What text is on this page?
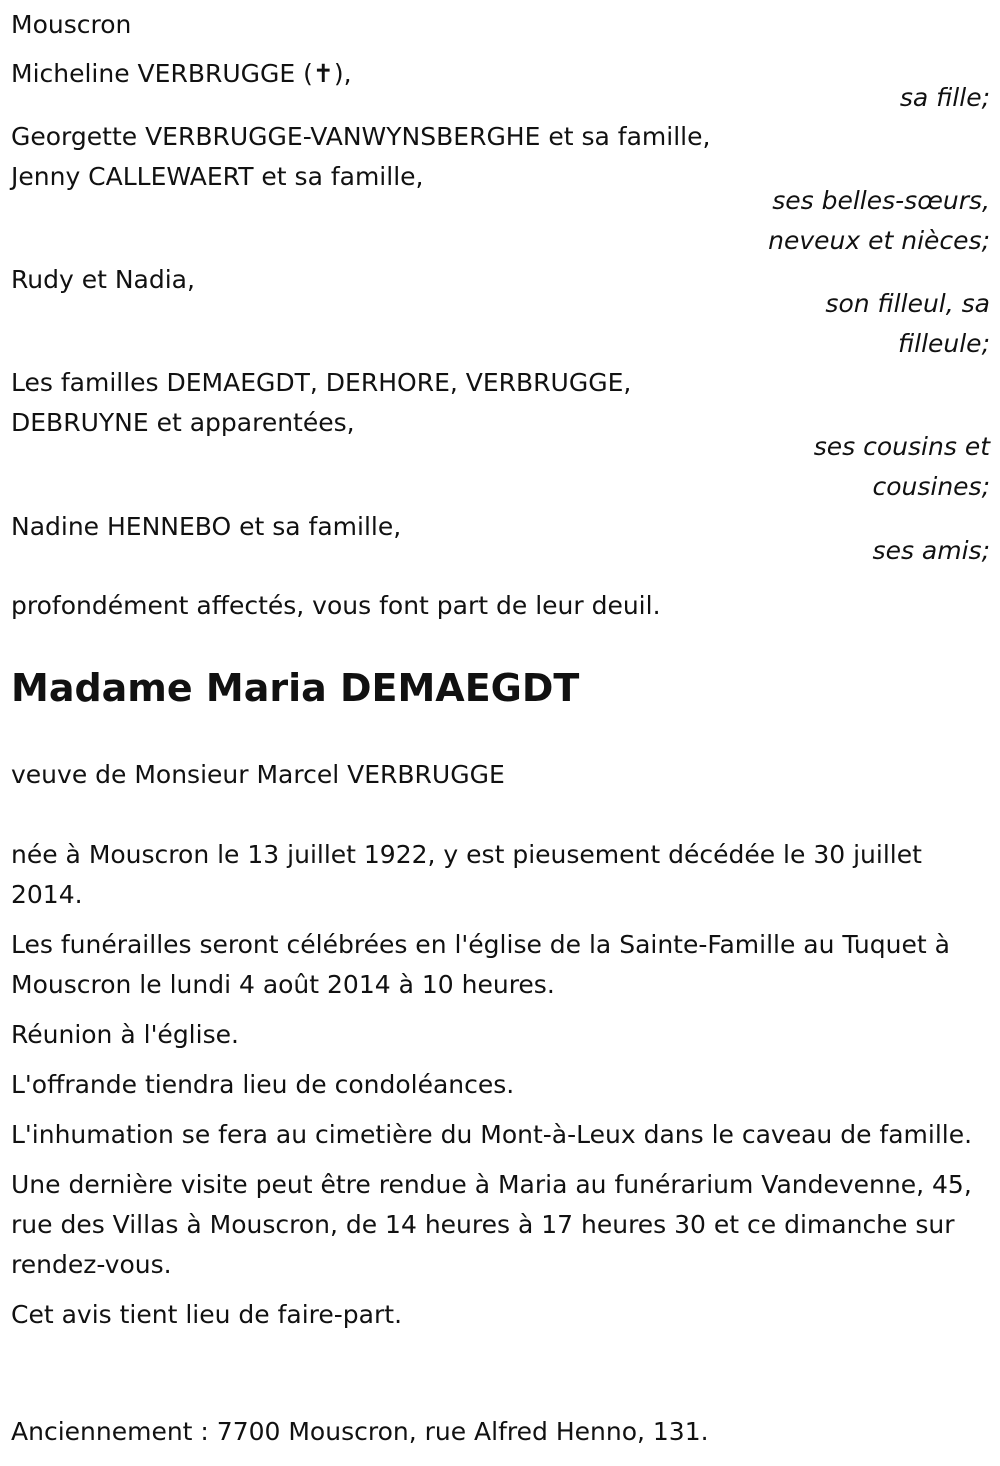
Mouscron
Micheline VERBRUGGE (✝),
sa fille;
Georgette VERBRUGGE-VANWYNSBERGHE et sa famille,
Jenny CALLEWAERT et sa famille,
ses belles-sœurs,
neveux et nièces;
Rudy et Nadia,
son filleul, sa
filleule;
Les familles DEMAEGDT, DERHORE, VERBRUGGE,
DEBRUYNE et apparentées,
ses cousins et
cousines;
Nadine HENNEBO et sa famille,
ses amis;
profondément affectés, vous font part de leur deuil.
Madame Maria DEMAEGDT
veuve de Monsieur Marcel VERBRUGGE

née à Mouscron le 13 juillet 1922, y est pieusement décédée le 30 juillet 2014.

Les funérailles seront célébrées en l'église de la Sainte-Famille au Tuquet à Mouscron le lundi 4 août 2014 à 10 heures.

Réunion à l'église.

L'offrande tiendra lieu de condoléances.

L'inhumation se fera au cimetière du Mont-à-Leux dans le caveau de famille.

Une dernière visite peut être rendue à Maria au funérarium Vandevenne, 45, rue des Villas à Mouscron, de 14 heures à 17 heures 30 et ce dimanche sur rendez-vous.

Cet avis tient lieu de faire-part.

Anciennement : 7700 Mouscron, rue Alfred Henno, 131.
